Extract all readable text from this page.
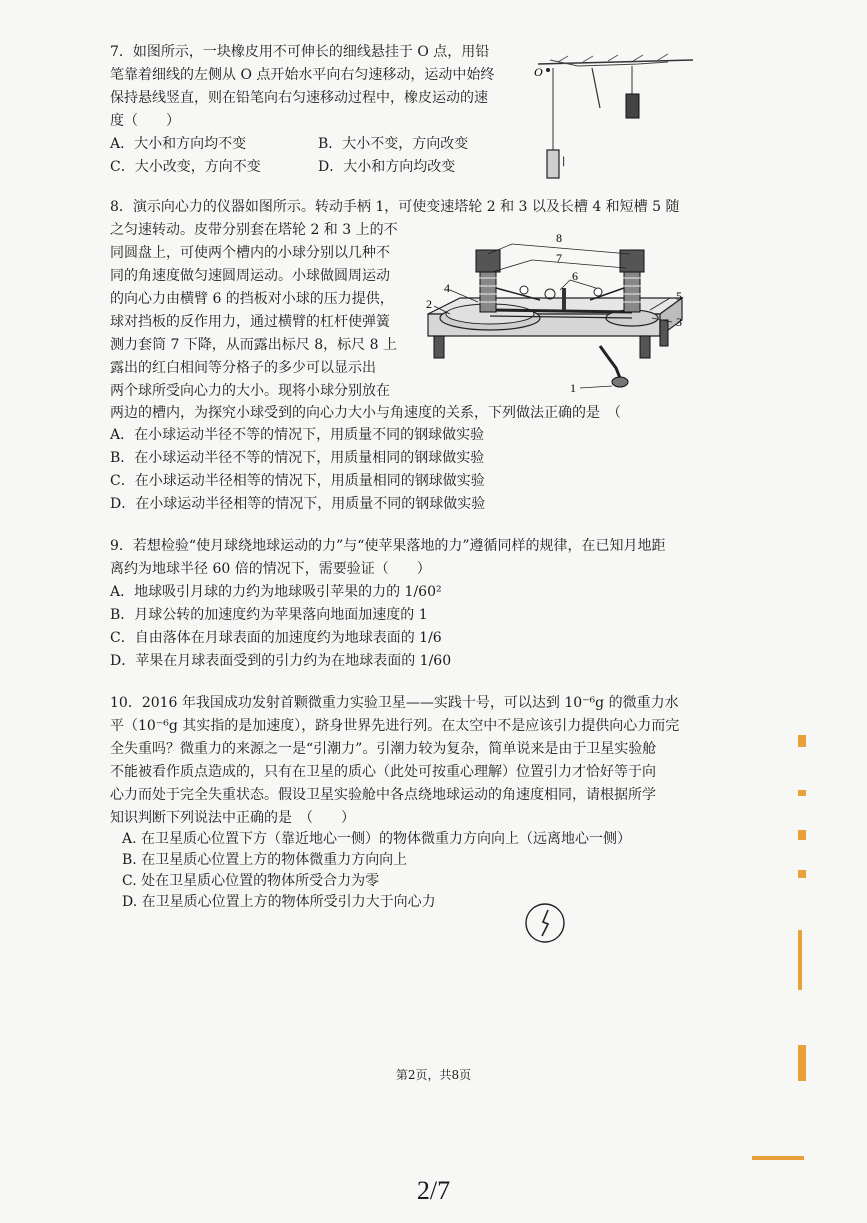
7．如图所示，一块橡皮用不可伸长的细线悬挂于 O 点，用铅
笔靠着细线的左侧从 O 点开始水平向右匀速移动，运动中始终
保持悬线竖直，则在铅笔向右匀速移动过程中，橡皮运动的速
度（　　）
A．大小和方向均不变	B．大小不变，方向改变
C．大小改变，方向不变	D．大小和方向均改变
O
|
8．演示向心力的仪器如图所示。转动手柄 1，可使变速塔轮 2 和 3 以及长槽 4 和短槽 5 随
之匀速转动。皮带分别套在塔轮 2 和 3 上的不
同圆盘上，可使两个槽内的小球分别以几种不
同的角速度做匀速圆周运动。小球做圆周运动
的向心力由横臂 6 的挡板对小球的压力提供，
球对挡板的反作用力，通过横臂的杠杆使弹簧
测力套筒 7 下降，从而露出标尺 8，标尺 8 上
露出的红白相间等分格子的多少可以显示出
两个球所受向心力的大小。现将小球分别放在
两边的槽内，为探究小球受到的向心力大小与角速度的关系，下列做法正确的是　（
A．在小球运动半径不等的情况下，用质量不同的钢球做实验
B．在小球运动半径不等的情况下，用质量相同的钢球做实验
C．在小球运动半径相等的情况下，用质量相同的钢球做实验
D．在小球运动半径相等的情况下，用质量不同的钢球做实验
8
7
6
4
2
5
3
1
9．若想检验“使月球绕地球运动的力”与“使苹果落地的力”遵循同样的规律，在已知月地距
离约为地球半径 60 倍的情况下，需要验证（　　）
A．地球吸引月球的力约为地球吸引苹果的力的 1/60²
B．月球公转的加速度约为苹果落向地面加速度的 1
C．自由落体在月球表面的加速度约为地球表面的 1/6
D．苹果在月球表面受到的引力约为在地球表面的 1/60
10．2016 年我国成功发射首颗微重力实验卫星——实践十号，可以达到 10⁻⁶g 的微重力水
平（10⁻⁶g 其实指的是加速度），跻身世界先进行列。在太空中不是应该引力提供向心力而完
全失重吗？微重力的来源之一是“引潮力”。引潮力较为复杂，简单说来是由于卫星实验舱
不能被看作质点造成的，只有在卫星的质心（此处可按重心理解）位置引力才恰好等于向
心力而处于完全失重状态。假设卫星实验舱中各点绕地球运动的角速度相同，请根据所学
知识判断下列说法中正确的是　（　　）
A. 在卫星质心位置下方（靠近地心一侧）的物体微重力方向向上（远离地心一侧）
B. 在卫星质心位置上方的物体微重力方向向上
C. 处在卫星质心位置的物体所受合力为零
D. 在卫星质心位置上方的物体所受引力大于向心力
第2页，共8页
2/7
